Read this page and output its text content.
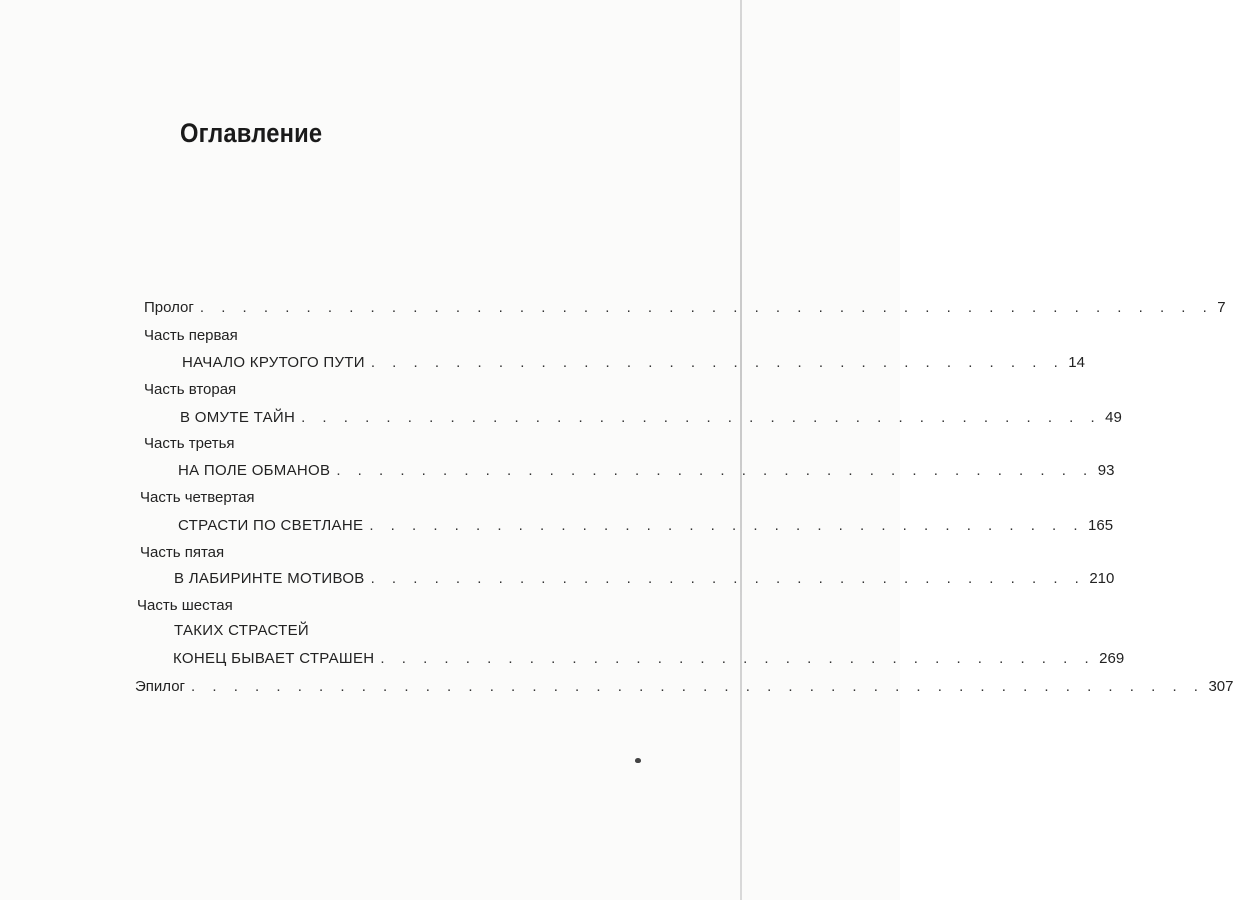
Оглавление
Пролог . . . . . . . . . . . . . . . . . . . . . . . . . . . . . . . . . . . . . . . . . . . . . . . . 7
Часть первая
НАЧАЛО КРУТОГО ПУТИ . . . . . . . . . . . . . . . . . . . . . . . . . . . . . . . . . 14
Часть вторая
В ОМУТЕ ТАЙН . . . . . . . . . . . . . . . . . . . . . . . . . . . . . . . . . . . . . . 49
Часть третья
НА ПОЛЕ ОБМАНОВ . . . . . . . . . . . . . . . . . . . . . . . . . . . . . . . . . . . . 93
Часть четвертая
СТРАСТИ ПО СВЕТЛАНЕ . . . . . . . . . . . . . . . . . . . . . . . . . . . . . . . . . . 165
Часть пятая
В ЛАБИРИНТЕ МОТИВОВ . . . . . . . . . . . . . . . . . . . . . . . . . . . . . . . . . . 210
Часть шестая
ТАКИХ СТРАСТЕЙ
КОНЕЦ БЫВАЕТ СТРАШЕН . . . . . . . . . . . . . . . . . . . . . . . . . . . . . . . . . . 269
Эпилог . . . . . . . . . . . . . . . . . . . . . . . . . . . . . . . . . . . . . . . . . . . . . . . . 307
